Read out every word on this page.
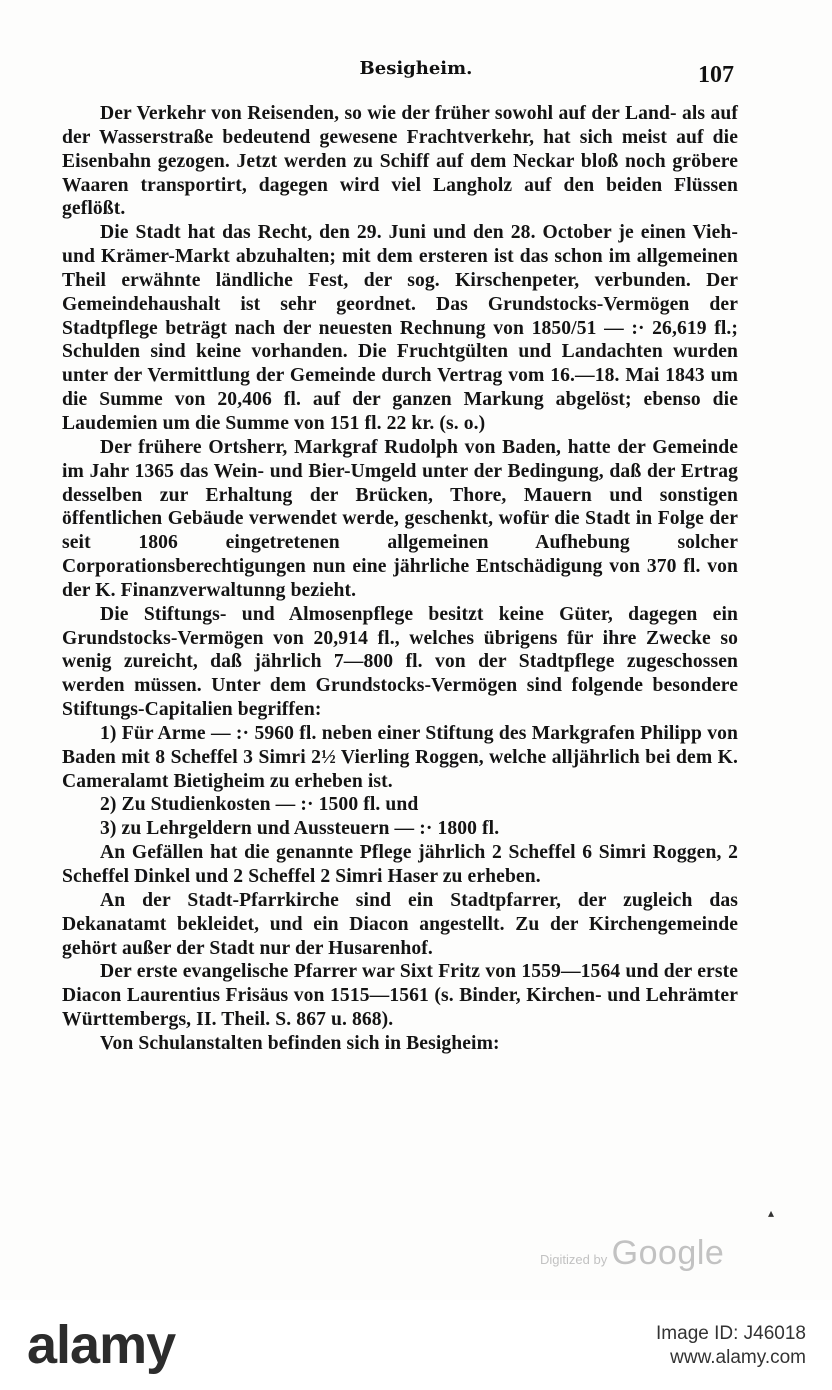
Besigheim.	107

Der Verkehr von Reisenden, so wie der früher sowohl auf der Land- als auf der Wasserstraße bedeutend gewesene Frachtverkehr, hat sich meist auf die Eisenbahn gezogen. Jetzt werden zu Schiff auf dem Neckar bloß noch gröbere Waaren transportirt, dagegen wird viel Langholz auf den beiden Flüssen geflößt.

Die Stadt hat das Recht, den 29. Juni und den 28. October je einen Vieh- und Krämer-Markt abzuhalten; mit dem ersteren ist das schon im allgemeinen Theil erwähnte ländliche Fest, der sog. Kirschenpeter, verbunden. Der Gemeindehaushalt ist sehr geordnet. Das Grundstocks-Vermögen der Stadtpflege beträgt nach der neuesten Rechnung von 1850/51 — :· 26,619 fl.; Schulden sind keine vorhanden. Die Fruchtgülten und Landachten wurden unter der Vermittlung der Gemeinde durch Vertrag vom 16.—18. Mai 1843 um die Summe von 20,406 fl. auf der ganzen Markung abgelöst; ebenso die Laudemien um die Summe von 151 fl. 22 kr. (s. o.)

Der frühere Ortsherr, Markgraf Rudolph von Baden, hatte der Gemeinde im Jahr 1365 das Wein- und Bier-Umgeld unter der Bedingung, daß der Ertrag desselben zur Erhaltung der Brücken, Thore, Mauern und sonstigen öffentlichen Gebäude verwendet werde, geschenkt, wofür die Stadt in Folge der seit 1806 eingetretenen allgemeinen Aufhebung solcher Corporationsberechtigungen nun eine jährliche Entschädigung von 370 fl. von der K. Finanzverwaltunng bezieht.

Die Stiftungs- und Almosenpflege besitzt keine Güter, dagegen ein Grundstocks-Vermögen von 20,914 fl., welches übrigens für ihre Zwecke so wenig zureicht, daß jährlich 7—800 fl. von der Stadtpflege zugeschossen werden müssen. Unter dem Grundstocks-Vermögen sind folgende besondere Stiftungs-Capitalien begriffen:

1) Für Arme — :· 5960 fl. neben einer Stiftung des Markgrafen Philipp von Baden mit 8 Scheffel 3 Simri 2½ Vierling Roggen, welche alljährlich bei dem K. Cameralamt Bietigheim zu erheben ist.

2) Zu Studienkosten — :· 1500 fl. und

3) zu Lehrgeldern und Aussteuern — :· 1800 fl.

An Gefällen hat die genannte Pflege jährlich 2 Scheffel 6 Simri Roggen, 2 Scheffel Dinkel und 2 Scheffel 2 Simri Haser zu erheben.

An der Stadt-Pfarrkirche sind ein Stadtpfarrer, der zugleich das Dekanatamt bekleidet, und ein Diacon angestellt. Zu der Kirchengemeinde gehört außer der Stadt nur der Husarenhof.

Der erste evangelische Pfarrer war Sixt Fritz von 1559—1564 und der erste Diacon Laurentius Frisäus von 1515—1561 (s. Binder, Kirchen- und Lehrämter Württembergs, II. Theil. S. 867 u. 868).

Von Schulanstalten befinden sich in Besigheim:

▴
Digitized by Google
alamy	Image ID: J46018
www.alamy.com
